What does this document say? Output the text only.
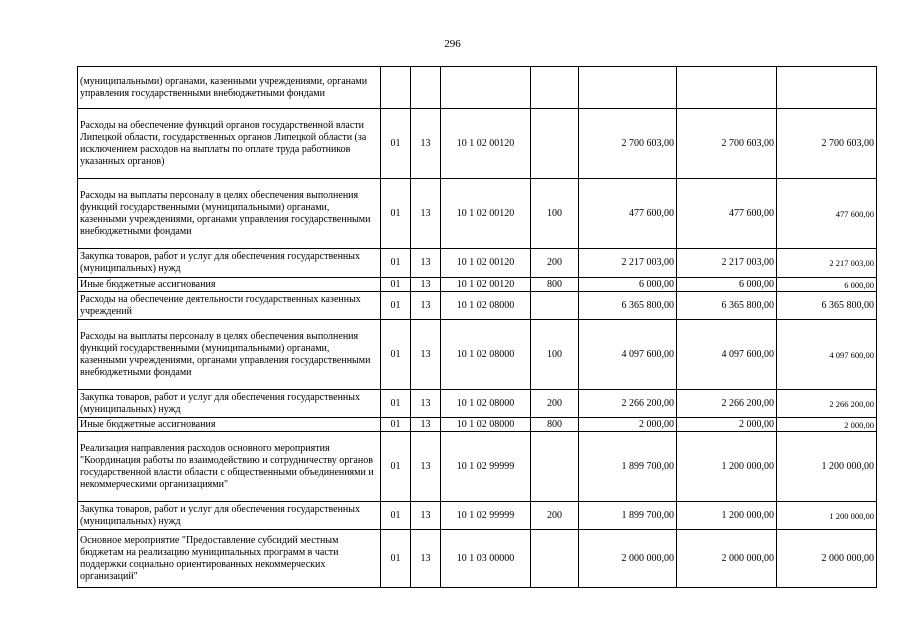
296
(муниципальными) органами, казенными учреждениями, органами управления государственными внебюджетными фондами							
Расходы на обеспечение функций органов государственной власти Липецкой области, государственных органов Липецкой области (за исключением расходов на выплаты по оплате труда работников указанных органов)	01	13	10 1 02 00120		2 700 603,00	2 700 603,00	2 700 603,00
Расходы на выплаты персоналу в целях обеспечения выполнения функций государственными (муниципальными) органами, казенными учреждениями, органами управления государственными внебюджетными фондами	01	13	10 1 02 00120	100	477 600,00	477 600,00	477 600,00
Закупка товаров, работ и услуг для обеспечения государственных (муниципальных) нужд	01	13	10 1 02 00120	200	2 217 003,00	2 217 003,00	2 217 003,00
Иные бюджетные ассигнования	01	13	10 1 02 00120	800	6 000,00	6 000,00	6 000,00
Расходы на обеспечение деятельности государственных казенных учреждений	01	13	10 1 02 08000		6 365 800,00	6 365 800,00	6 365 800,00
Расходы на выплаты персоналу в целях обеспечения выполнения функций государственными (муниципальными) органами, казенными учреждениями, органами управления государственными внебюджетными фондами	01	13	10 1 02 08000	100	4 097 600,00	4 097 600,00	4 097 600,00
Закупка товаров, работ и услуг для обеспечения государственных (муниципальных) нужд	01	13	10 1 02 08000	200	2 266 200,00	2 266 200,00	2 266 200,00
Иные бюджетные ассигнования	01	13	10 1 02 08000	800	2 000,00	2 000,00	2 000,00
Реализация направления расходов основного мероприятия "Координация работы по взаимодействию и сотрудничеству органов государственной власти области с общественными объединениями и некоммерческими организациями"	01	13	10 1 02 99999		1 899 700,00	1 200 000,00	1 200 000,00
Закупка товаров, работ и услуг для обеспечения государственных (муниципальных) нужд	01	13	10 1 02 99999	200	1 899 700,00	1 200 000,00	1 200 000,00
Основное мероприятие "Предоставление субсидий местным бюджетам на реализацию муниципальных программ в части поддержки социально ориентированных некоммерческих организаций"	01	13	10 1 03 00000		2 000 000,00	2 000 000,00	2 000 000,00
